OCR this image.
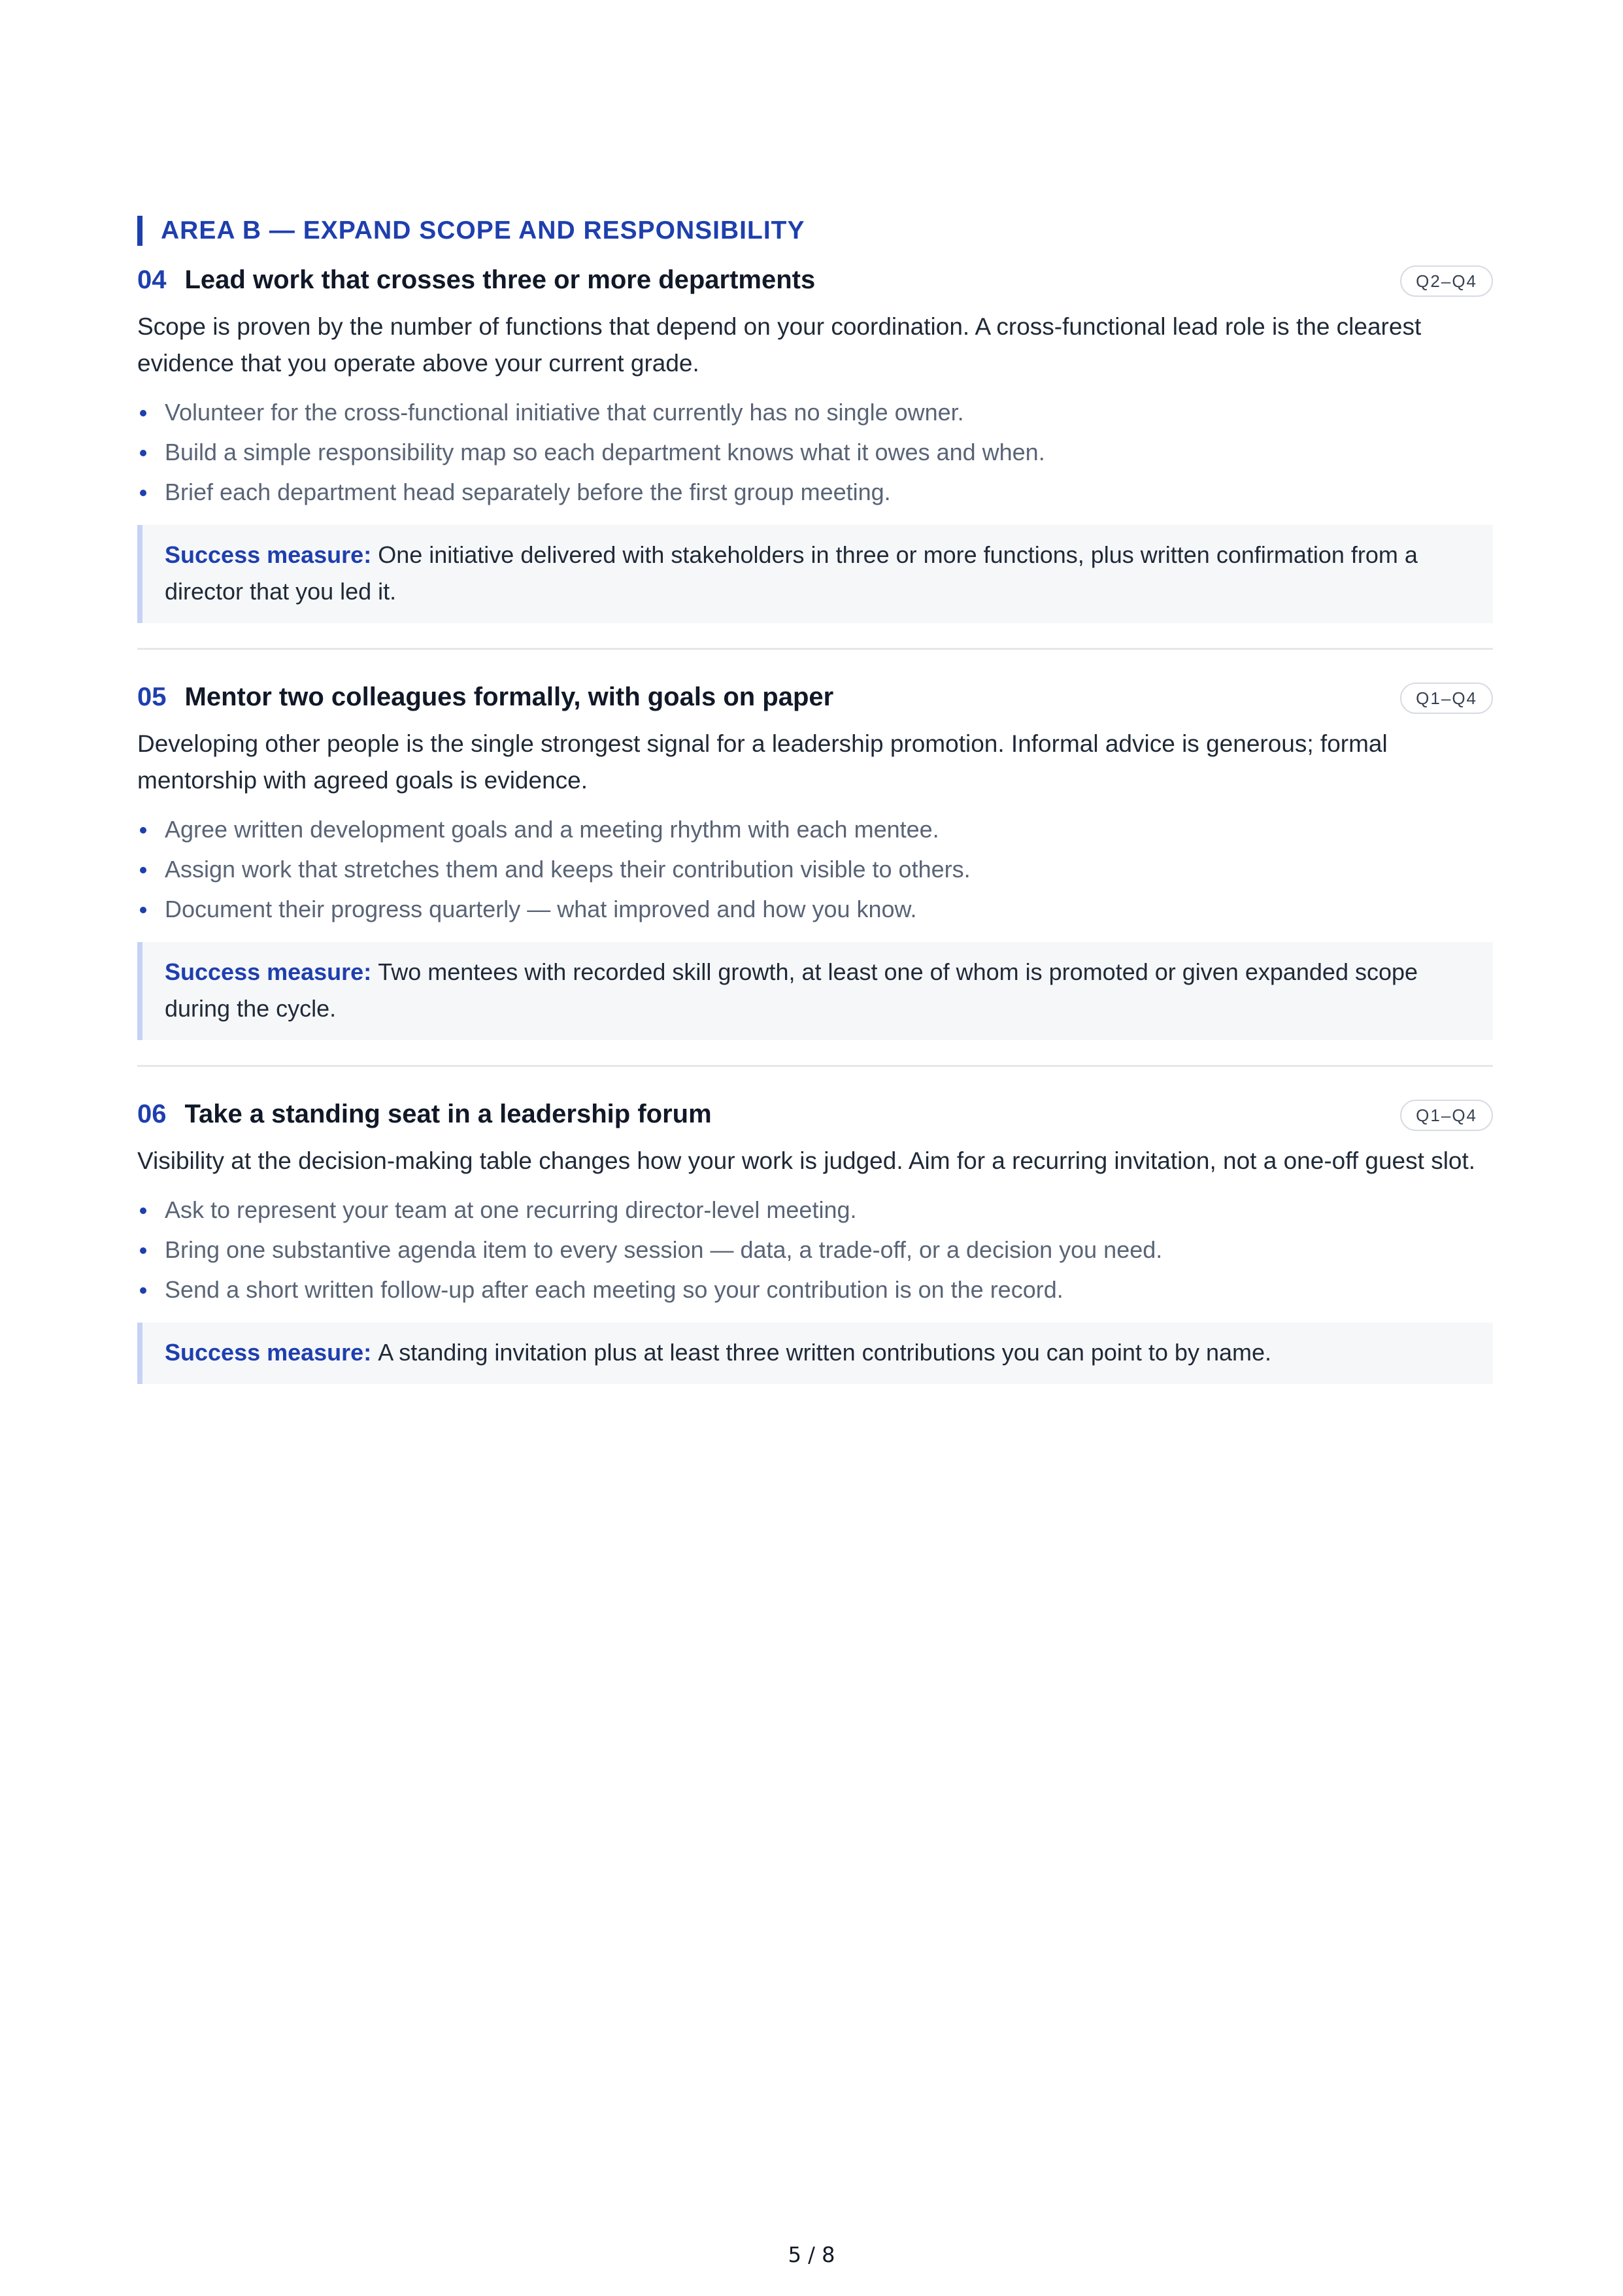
AREA B — EXPAND SCOPE AND RESPONSIBILITY
04 Lead work that crosses three or more departments	Q2–Q4
Scope is proven by the number of functions that depend on your coordination. A cross-functional lead role is the clearest evidence that you operate above your current grade.
Volunteer for the cross-functional initiative that currently has no single owner.
Build a simple responsibility map so each department knows what it owes and when.
Brief each department head separately before the first group meeting.
Success measure: One initiative delivered with stakeholders in three or more functions, plus written confirmation from a director that you led it.
05 Mentor two colleagues formally, with goals on paper	Q1–Q4
Developing other people is the single strongest signal for a leadership promotion. Informal advice is generous; formal mentorship with agreed goals is evidence.
Agree written development goals and a meeting rhythm with each mentee.
Assign work that stretches them and keeps their contribution visible to others.
Document their progress quarterly — what improved and how you know.
Success measure: Two mentees with recorded skill growth, at least one of whom is promoted or given expanded scope during the cycle.
06 Take a standing seat in a leadership forum	Q1–Q4
Visibility at the decision-making table changes how your work is judged. Aim for a recurring invitation, not a one-off guest slot.
Ask to represent your team at one recurring director-level meeting.
Bring one substantive agenda item to every session — data, a trade-off, or a decision you need.
Send a short written follow-up after each meeting so your contribution is on the record.
Success measure: A standing invitation plus at least three written contributions you can point to by name.
5 / 8
